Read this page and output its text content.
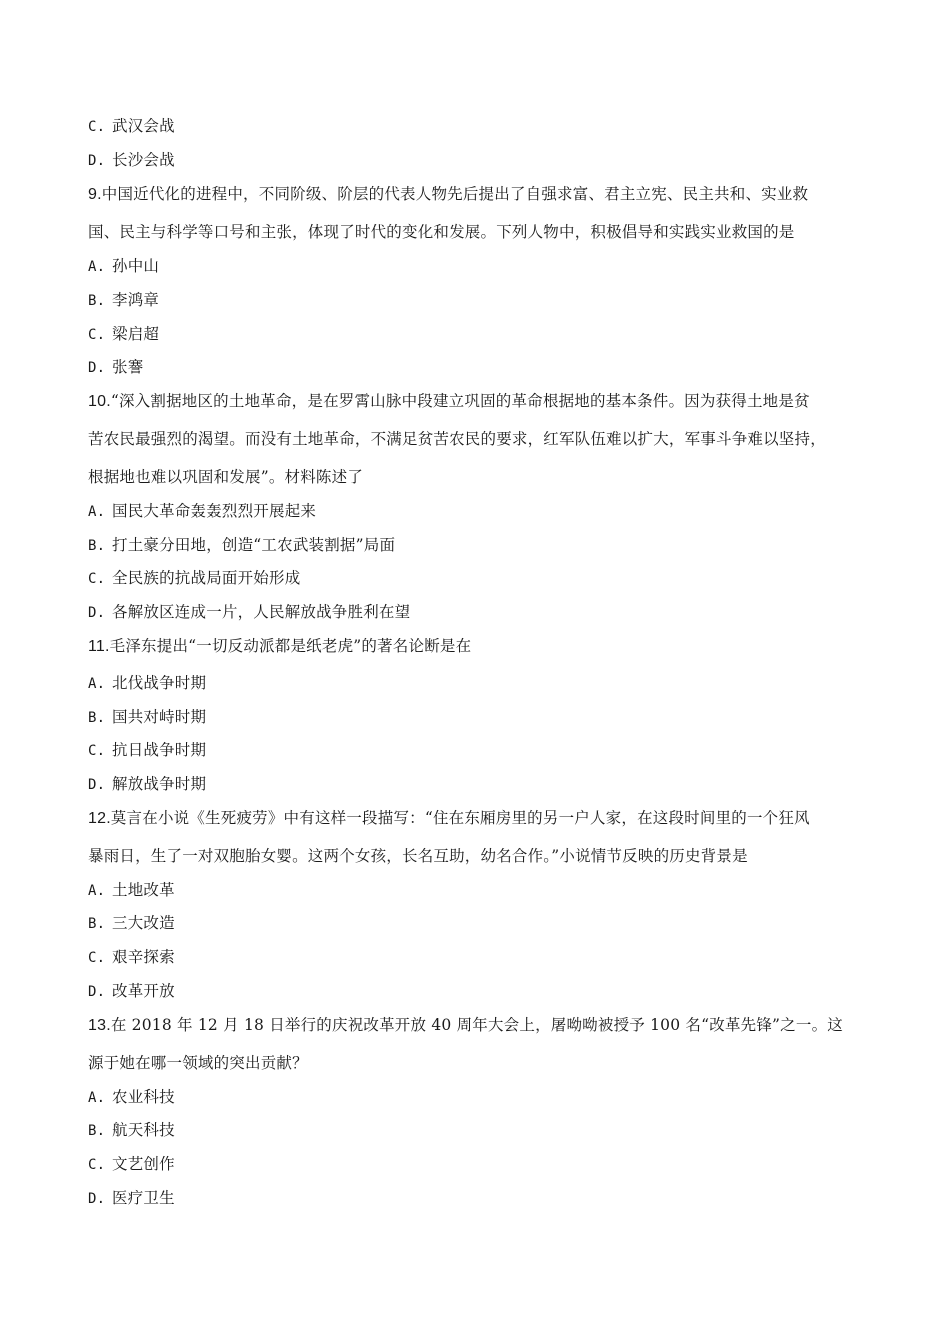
C. 武汉会战
D. 长沙会战
9.中国近代化的进程中，不同阶级、阶层的代表人物先后提出了自强求富、君主立宪、民主共和、实业救
国、民主与科学等口号和主张，体现了时代的变化和发展。下列人物中，积极倡导和实践实业救国的是
A. 孙中山
B. 李鸿章
C. 梁启超
D. 张謇
10.“深入割据地区的土地革命，是在罗霄山脉中段建立巩固的革命根据地的基本条件。因为获得土地是贫
苦农民最强烈的渴望。而没有土地革命，不满足贫苦农民的要求，红军队伍难以扩大，军事斗争难以坚持，
根据地也难以巩固和发展”。材料陈述了
A. 国民大革命轰轰烈烈开展起来
B. 打土豪分田地，创造“工农武装割据”局面
C. 全民族的抗战局面开始形成
D. 各解放区连成一片，人民解放战争胜利在望
11.毛泽东提出“一切反动派都是纸老虎”的著名论断是在
A. 北伐战争时期
B. 国共对峙时期
C. 抗日战争时期
D. 解放战争时期
12.莫言在小说《生死疲劳》中有这样一段描写：“住在东厢房里的另一户人家，在这段时间里的一个狂风
暴雨日，生了一对双胞胎女婴。这两个女孩，长名互助，幼名合作。”小说情节反映的历史背景是
A. 土地改革
B. 三大改造
C. 艰辛探索
D. 改革开放
13.在 2018 年 12 月 18 日举行的庆祝改革开放 40 周年大会上，屠呦呦被授予 100 名“改革先锋”之一。这
源于她在哪一领域的突出贡献？
A. 农业科技
B. 航天科技
C. 文艺创作
D. 医疗卫生
